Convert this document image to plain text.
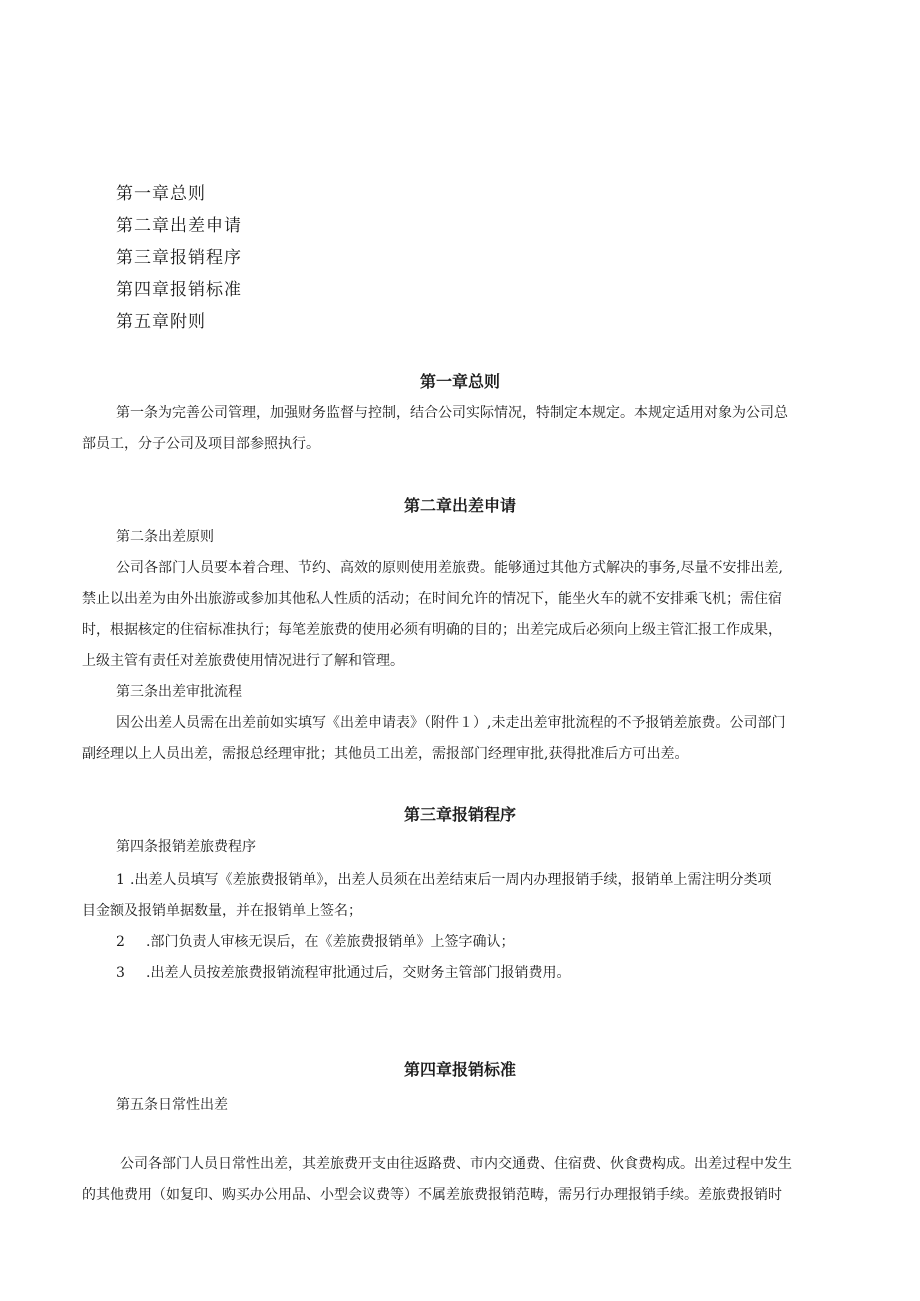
第一章总则
第二章出差申请
第三章报销程序
第四章报销标准
第五章附则
第一章总则
第一条为完善公司管理，加强财务监督与控制，结合公司实际情况，特制定本规定。本规定适用对象为公司总
部员工，分子公司及项目部参照执行。
第二章出差申请
第二条出差原则
公司各部门人员要本着合理、节约、高效的原则使用差旅费。能够通过其他方式解决的事务,尽量不安排出差,
禁止以出差为由外出旅游或参加其他私人性质的活动；在时间允许的情况下，能坐火车的就不安排乘飞机；需住宿
时，根据核定的住宿标准执行；每笔差旅费的使用必须有明确的目的；出差完成后必须向上级主管汇报工作成果，
上级主管有责任对差旅费使用情况进行了解和管理。
第三条出差审批流程
因公出差人员需在出差前如实填写《出差申请表》（附件１）,未走出差审批流程的不予报销差旅费。公司部门
副经理以上人员出差，需报总经理审批；其他员工出差，需报部门经理审批,获得批准后方可出差。
第三章报销程序
第四条报销差旅费程序
1 .出差人员填写《差旅费报销单》，出差人员须在出差结束后一周内办理报销手续，报销单上需注明分类项
目金额及报销单据数量，并在报销单上签名；
2 .部门负责人审核无误后，在《差旅费报销单》上签字确认；
3 .出差人员按差旅费报销流程审批通过后，交财务主管部门报销费用。
第四章报销标准
第五条日常性出差
公司各部门人员日常性出差，其差旅费开支由往返路费、市内交通费、住宿费、伙食费构成。出差过程中发生
的其他费用（如复印、购买办公用品、小型会议费等）不属差旅费报销范畴，需另行办理报销手续。差旅费报销时
